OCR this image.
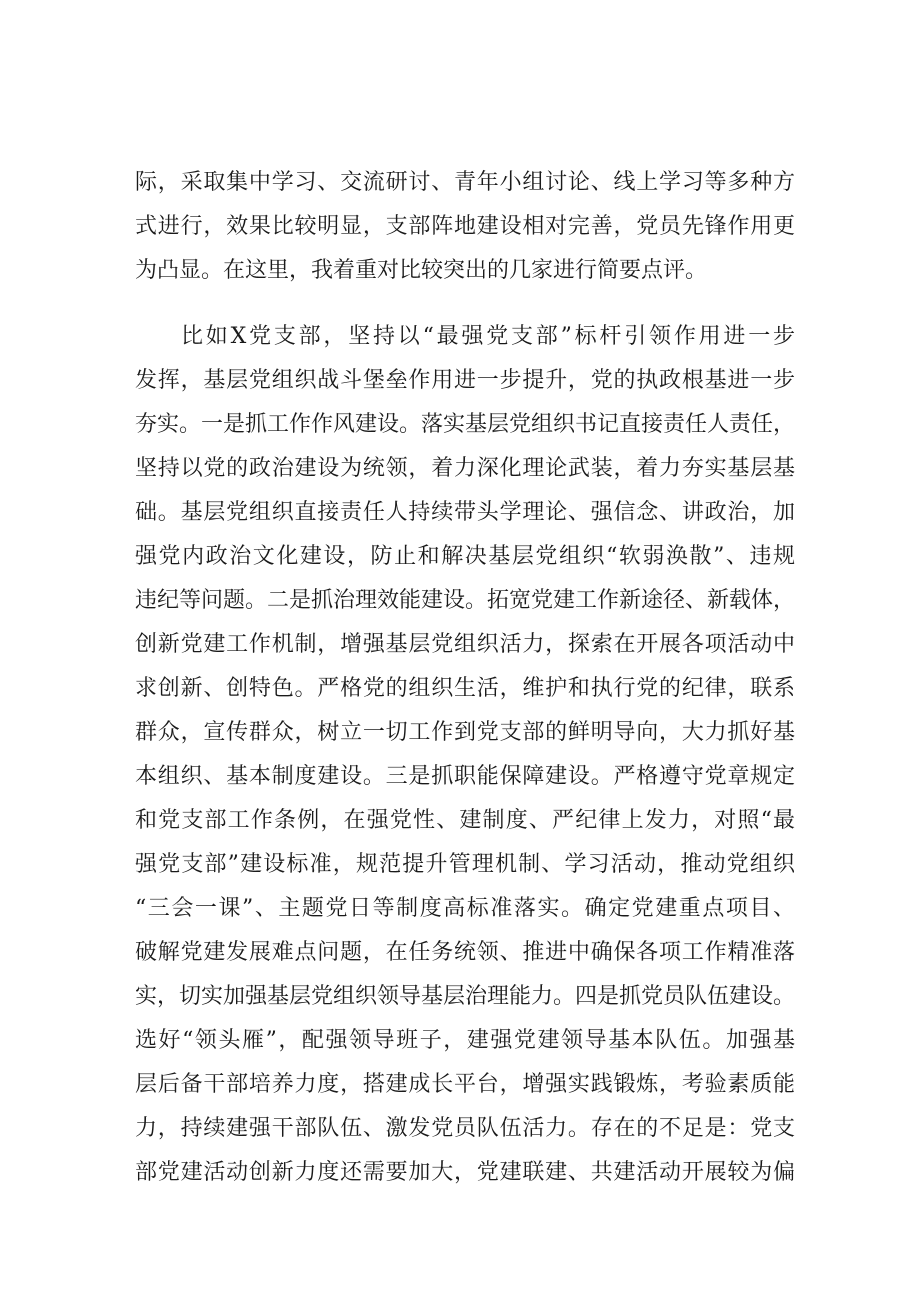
际，采取集中学习、交流研讨、青年小组讨论、线上学习等多种方
式进行，效果比较明显，支部阵地建设相对完善，党员先锋作用更
为凸显。在这里，我着重对比较突出的几家进行简要点评。
比如X党支部，坚持以“最强党支部”标杆引领作用进一步
发挥，基层党组织战斗堡垒作用进一步提升，党的执政根基进一步
夯实。一是抓工作作风建设。落实基层党组织书记直接责任人责任，
坚持以党的政治建设为统领，着力深化理论武装，着力夯实基层基
础。基层党组织直接责任人持续带头学理论、强信念、讲政治，加
强党内政治文化建设，防止和解决基层党组织“软弱涣散”、违规
违纪等问题。二是抓治理效能建设。拓宽党建工作新途径、新载体，
创新党建工作机制，增强基层党组织活力，探索在开展各项活动中
求创新、创特色。严格党的组织生活，维护和执行党的纪律，联系
群众，宣传群众，树立一切工作到党支部的鲜明导向，大力抓好基
本组织、基本制度建设。三是抓职能保障建设。严格遵守党章规定
和党支部工作条例，在强党性、建制度、严纪律上发力，对照“最
强党支部”建设标准，规范提升管理机制、学习活动，推动党组织
“三会一课”、主题党日等制度高标准落实。确定党建重点项目、
破解党建发展难点问题，在任务统领、推进中确保各项工作精准落
实，切实加强基层党组织领导基层治理能力。四是抓党员队伍建设。
选好“领头雁”，配强领导班子，建强党建领导基本队伍。加强基
层后备干部培养力度，搭建成长平台，增强实践锻炼，考验素质能
力，持续建强干部队伍、激发党员队伍活力。存在的不足是：党支
部党建活动创新力度还需要加大，党建联建、共建活动开展较为偏
